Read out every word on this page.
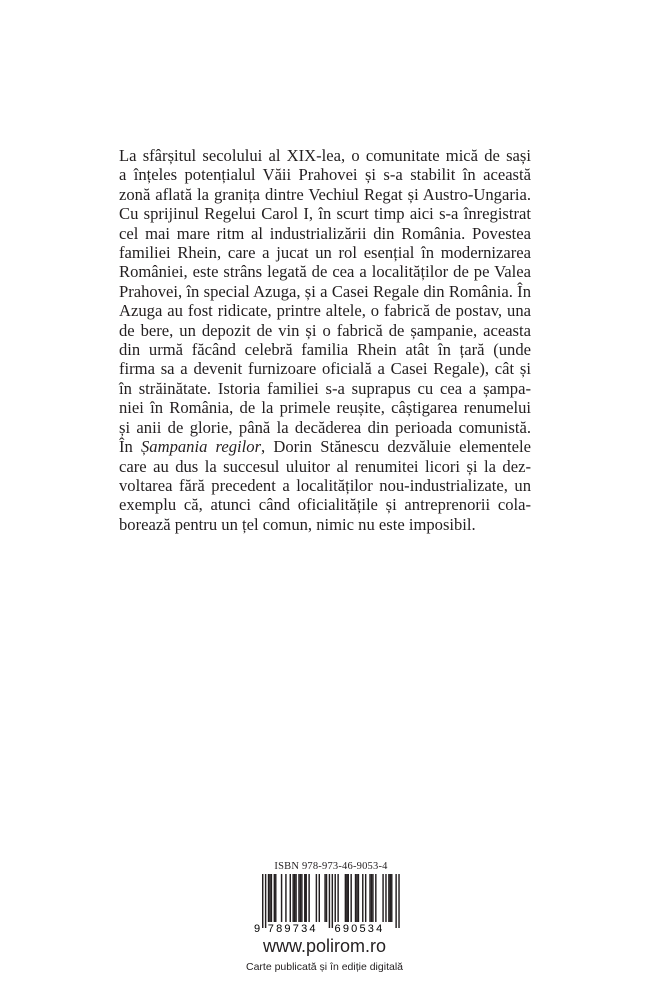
La sfârșitul secolului al XIX-lea, o comunitate mică de sași
a înțeles potențialul Văii Prahovei și s-a stabilit în această
zonă aflată la granița dintre Vechiul Regat și Austro-Ungaria.
Cu sprijinul Regelui Carol I, în scurt timp aici s-a înregistrat
cel mai mare ritm al industrializării din România. Povestea
familiei Rhein, care a jucat un rol esențial în modernizarea
României, este strâns legată de cea a localităților de pe Valea
Prahovei, în special Azuga, și a Casei Regale din România. În
Azuga au fost ridicate, printre altele, o fabrică de postav, una
de bere, un depozit de vin și o fabrică de șampanie, aceasta
din urmă făcând celebră familia Rhein atât în țară (unde
firma sa a devenit furnizoare oficială a Casei Regale), cât și
în străinătate. Istoria familiei s-a suprapus cu cea a șampa-
niei în România, de la primele reușite, câștigarea renumelui
și anii de glorie, până la decăderea din perioada comunistă.
În Șampania regilor, Dorin Stănescu dezvăluie elementele
care au dus la succesul uluitor al renumitei licori și la dez-
voltarea fără precedent a localităților nou-industrializate, un
exemplu că, atunci când oficialitățile și antreprenorii cola-
borează pentru un țel comun, nimic nu este imposibil.
ISBN 978-973-46-9053-4
9 789734 690534
www.polirom.ro
Carte publicată și în ediție digitală
